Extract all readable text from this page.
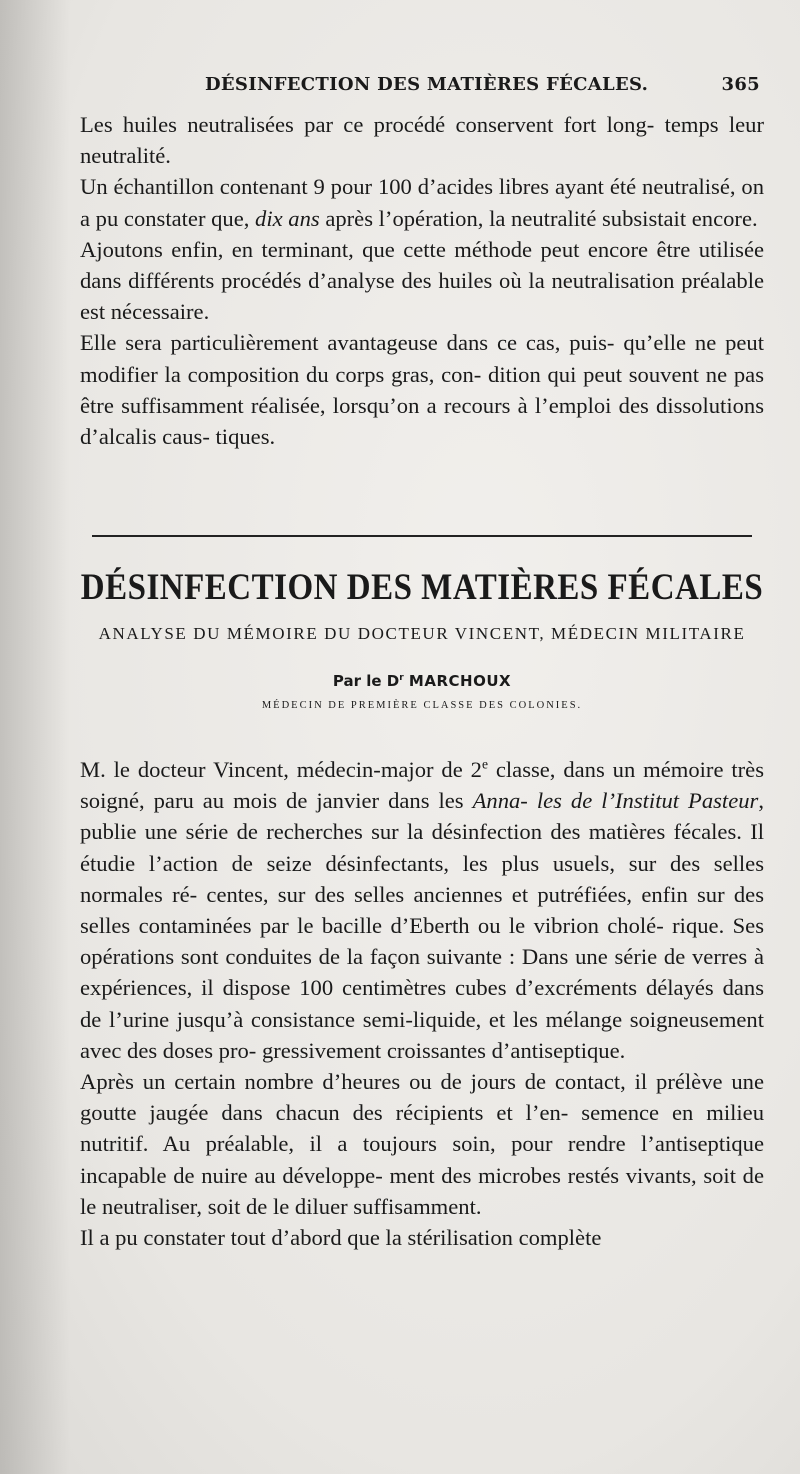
DÉSINFECTION DES MATIÈRES FÉCALES.	365

Les huiles neutralisées par ce procédé conservent fort long- temps leur neutralité.

Un échantillon contenant 9 pour 100 d’acides libres ayant été neutralisé, on a pu constater que, dix ans après l’opération, la neutralité subsistait encore.

Ajoutons enfin, en terminant, que cette méthode peut encore être utilisée dans différents procédés d’analyse des huiles où la neutralisation préalable est nécessaire.

Elle sera particulièrement avantageuse dans ce cas, puis- qu’elle ne peut modifier la composition du corps gras, con- dition qui peut souvent ne pas être suffisamment réalisée, lorsqu’on a recours à l’emploi des dissolutions d’alcalis caus- tiques.

DÉSINFECTION DES MATIÈRES FÉCALES
ANALYSE DU MÉMOIRE DU DOCTEUR VINCENT, MÉDECIN MILITAIRE
Par le $D^r$ MARCHOUX
MÉDECIN DE PREMIÈRE CLASSE DES COLONIES.

M. le docteur Vincent, médecin-major de 2e classe, dans un mémoire très soigné, paru au mois de janvier dans les Anna- les de l’Institut Pasteur, publie une série de recherches sur la désinfection des matières fécales. Il étudie l’action de seize désinfectants, les plus usuels, sur des selles normales ré- centes, sur des selles anciennes et putréfiées, enfin sur des selles contaminées par le bacille d’Eberth ou le vibrion cholé- rique. Ses opérations sont conduites de la façon suivante : Dans une série de verres à expériences, il dispose 100 centimètres cubes d’excréments délayés dans de l’urine jusqu’à consistance semi-liquide, et les mélange soigneusement avec des doses pro- gressivement croissantes d’antiseptique.

Après un certain nombre d’heures ou de jours de contact, il prélève une goutte jaugée dans chacun des récipients et l’en- semence en milieu nutritif. Au préalable, il a toujours soin, pour rendre l’antiseptique incapable de nuire au développe- ment des microbes restés vivants, soit de le neutraliser, soit de le diluer suffisamment.

Il a pu constater tout d’abord que la stérilisation complète
